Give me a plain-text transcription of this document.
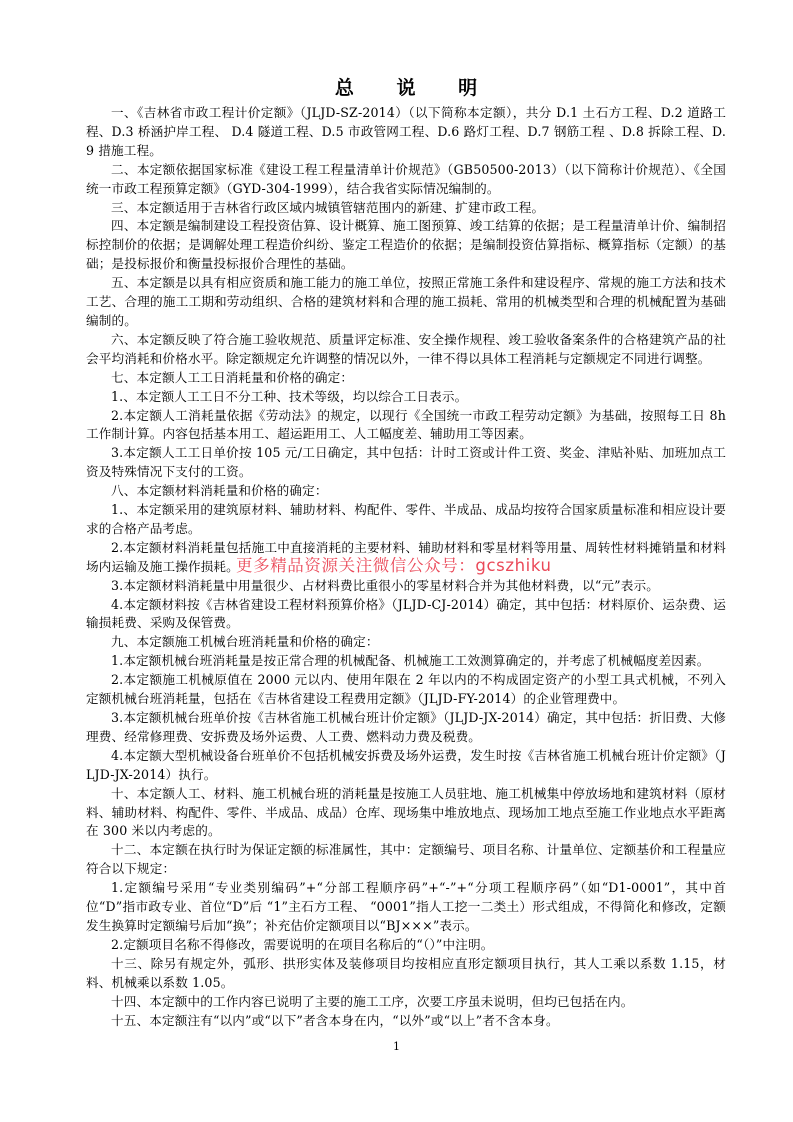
总 说 明

一、《吉林省市政工程计价定额》（JLJD-SZ-2014）（以下简称本定额），共分 D.1 土石方工程、D.2 道路工程、D.3 桥涵护岸工程、 D.4 隧道工程、D.5 市政管网工程、D.6 路灯工程、D.7 钢筋工程 、D.8 拆除工程、D.9 措施工程。

二、本定额依据国家标准《建设工程工程量清单计价规范》（GB50500-2013）（以下简称计价规范）、《全国统一市政工程预算定额》（GYD-304-1999），结合我省实际情况编制的。

三、本定额适用于吉林省行政区域内城镇管辖范围内的新建、扩建市政工程。

四、本定额是编制建设工程投资估算、设计概算、施工图预算、竣工结算的依据；是工程量清单计价、编制招标控制价的依据；是调解处理工程造价纠纷、鉴定工程造价的依据；是编制投资估算指标、概算指标（定额）的基础；是投标报价和衡量投标报价合理性的基础。

五、本定额是以具有相应资质和施工能力的施工单位，按照正常施工条件和建设程序、常规的施工方法和技术工艺、合理的施工工期和劳动组织、合格的建筑材料和合理的施工损耗、常用的机械类型和合理的机械配置为基础编制的。

六、本定额反映了符合施工验收规范、质量评定标准、安全操作规程、竣工验收备案条件的合格建筑产品的社会平均消耗和价格水平。除定额规定允许调整的情况以外，一律不得以具体工程消耗与定额规定不同进行调整。

七、本定额人工工日消耗量和价格的确定：

1.、本定额人工工日不分工种、技术等级，均以综合工日表示。

2.本定额人工消耗量依据《劳动法》的规定，以现行《全国统一市政工程劳动定额》为基础，按照每工日 8h 工作制计算。内容包括基本用工、超运距用工、人工幅度差、辅助用工等因素。

3.本定额人工工日单价按 105 元/工日确定，其中包括：计时工资或计件工资、奖金、津贴补贴、加班加点工资及特殊情况下支付的工资。

八、本定额材料消耗量和价格的确定：

1.、本定额采用的建筑原材料、辅助材料、构配件、零件、半成品、成品均按符合国家质量标准和相应设计要求的合格产品考虑。

2.本定额材料消耗量包括施工中直接消耗的主要材料、辅助材料和零星材料等用量、周转性材料摊销量和材料场内运输及施工操作损耗。

3.本定额材料消耗量中用量很少、占材料费比重很小的零星材料合并为其他材料费，以“元”表示。

4.本定额材料按《吉林省建设工程材料预算价格》（JLJD-CJ-2014）确定，其中包括：材料原价、运杂费、运输损耗费、采购及保管费。

九、本定额施工机械台班消耗量和价格的确定：

1.本定额机械台班消耗量是按正常合理的机械配备、机械施工工效测算确定的，并考虑了机械幅度差因素。

2.本定额施工机械原值在 2000 元以内、使用年限在 2 年以内的不构成固定资产的小型工具式机械，不列入定额机械台班消耗量，包括在《吉林省建设工程费用定额》（JLJD-FY-2014）的企业管理费中。

3.本定额机械台班单价按《吉林省施工机械台班计价定额》（JLJD-JX-2014）确定，其中包括：折旧费、大修理费、经常修理费、安拆费及场外运费、人工费、燃料动力费及税费。

4.本定额大型机械设备台班单价不包括机械安拆费及场外运费，发生时按《吉林省施工机械台班计价定额》（JLJD-JX-2014）执行。

十、本定额人工、材料、施工机械台班的消耗量是按施工人员驻地、施工机械集中停放场地和建筑材料（原材料、辅助材料、构配件、零件、半成品、成品）仓库、现场集中堆放地点、现场加工地点至施工作业地点水平距离在 300 米以内考虑的。

十二、本定额在执行时为保证定额的标准属性，其中：定额编号、项目名称、计量单位、定额基价和工程量应符合以下规定：

1.定额编号采用“专业类别编码”+“分部工程顺序码”+“-”+“分项工程顺序码”（如“D1-0001”，其中首位“D”指市政专业、首位“D”后 “1”主石方工程、 “0001”指人工挖一二类土）形式组成，不得简化和修改，定额发生换算时定额编号后加“换”；补充估价定额项目以“BJ×××”表示。

2.定额项目名称不得修改，需要说明的在项目名称后的“（）”中注明。

十三、除另有规定外，弧形、拱形实体及装修项目均按相应直形定额项目执行，其人工乘以系数 1.15，材料、机械乘以系数 1.05。

十四、本定额中的工作内容已说明了主要的施工工序，次要工序虽未说明，但均已包括在内。

十五、本定额注有“以内”或“以下”者含本身在内，“以外”或“以上”者不含本身。

更多精品资源关注微信公众号：gcszhiku
1
